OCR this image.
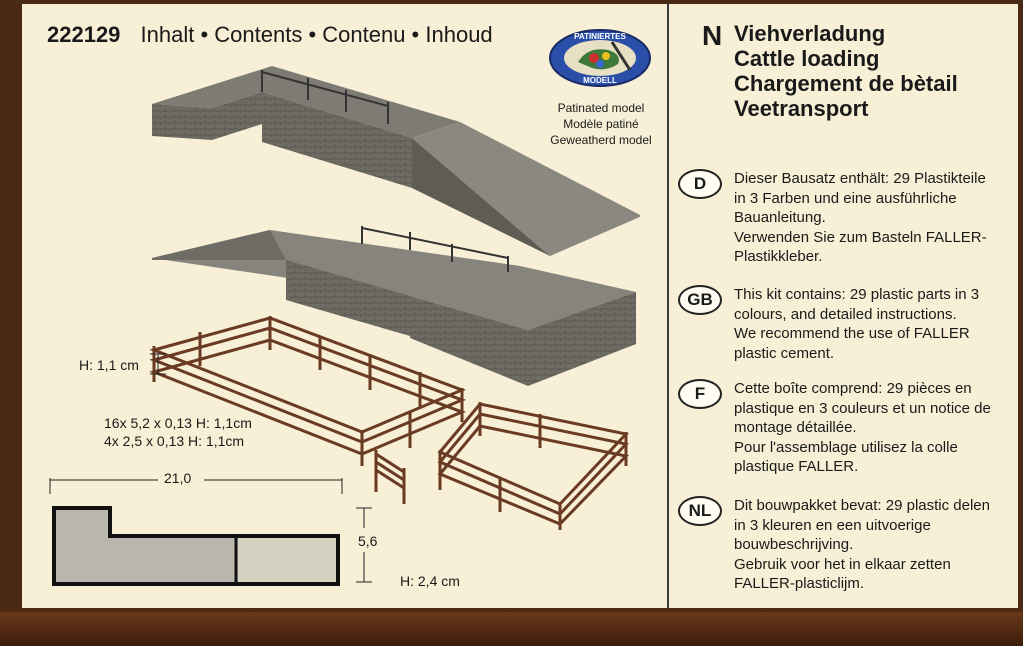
222129 Inhalt • Contents • Contenu • Inhoud	PATINIERTES
MODELL
Patinated model
Modèle patiné
Geweatherd model
H: 1,1 cm
16x 5,2 x 0,13 H: 1,1cm
4x 2,5 x 0,13 H: 1,1cm
21,0
5,6
H: 2,4 cm
N Viehverladung
Cattle loading
Chargement de bètail
Veetransport
D	Dieser Bausatz enthält: 29 Plastikteile
in 3 Farben und eine ausführliche
Bauanleitung.
Verwenden Sie zum Basteln FALLER-
Plastikkleber.
GB	This kit contains: 29 plastic parts in 3
colours, and detailed instructions.
We recommend the use of FALLER
plastic cement.
F	Cette boîte comprend: 29 pièces en
plastique en 3 couleurs et un notice de
montage détaillée.
Pour l'assemblage utilisez la colle
plastique FALLER.
NL	Dit bouwpakket bevat: 29 plastic delen
in 3 kleuren en een uitvoerige
bouwbeschrijving.
Gebruik voor het in elkaar zetten
FALLER-plasticlijm.
